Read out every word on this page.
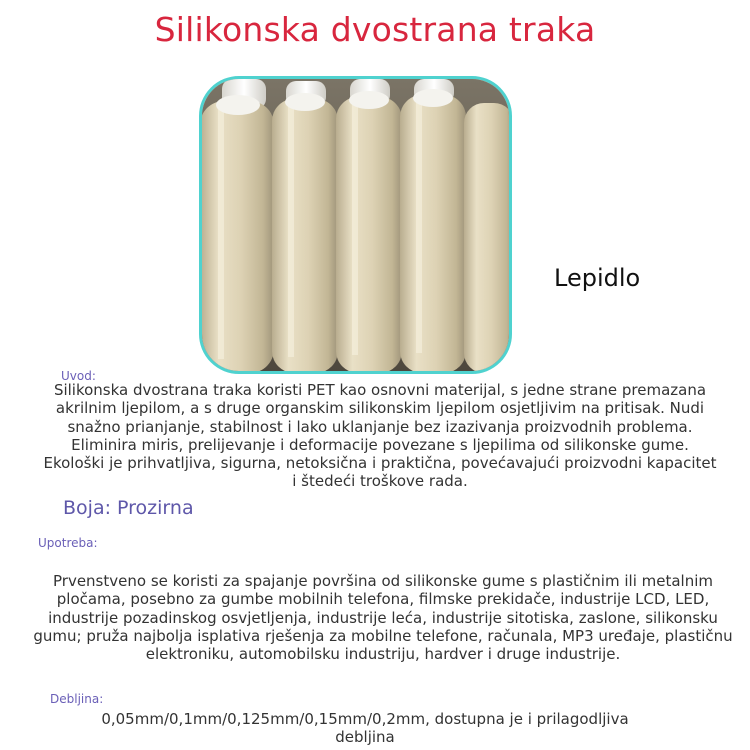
Silikonska dvostrana traka
Lepidlo
Uvod:
Silikonska dvostrana traka koristi PET kao osnovni materijal, s jedne strane premazana akrilnim ljepilom, a s druge organskim silikonskim ljepilom osjetljivim na pritisak. Nudi snažno prianjanje, stabilnost i lako uklanjanje bez izazivanja proizvodnih problema. Eliminira miris, prelijevanje i deformacije povezane s ljepilima od silikonske gume. Ekološki je prihvatljiva, sigurna, netoksična i praktična, povećavajući proizvodni kapacitet i štedeći troškove rada.
Boja: Prozirna
Upotreba:
Prvenstveno se koristi za spajanje površina od silikonske gume s plastičnim ili metalnim pločama, posebno za gumbe mobilnih telefona, filmske prekidače, industrije LCD, LED, industrije pozadinskog osvjetljenja, industrije leća, industrije sitotiska, zaslone, silikonsku gumu; pruža najbolja isplativa rješenja za mobilne telefone, računala, MP3 uređaje, plastičnu elektroniku, automobilsku industriju, hardver i druge industrije.
Debljina:
0,05mm/0,1mm/0,125mm/0,15mm/0,2mm, dostupna je i prilagodljiva debljina
